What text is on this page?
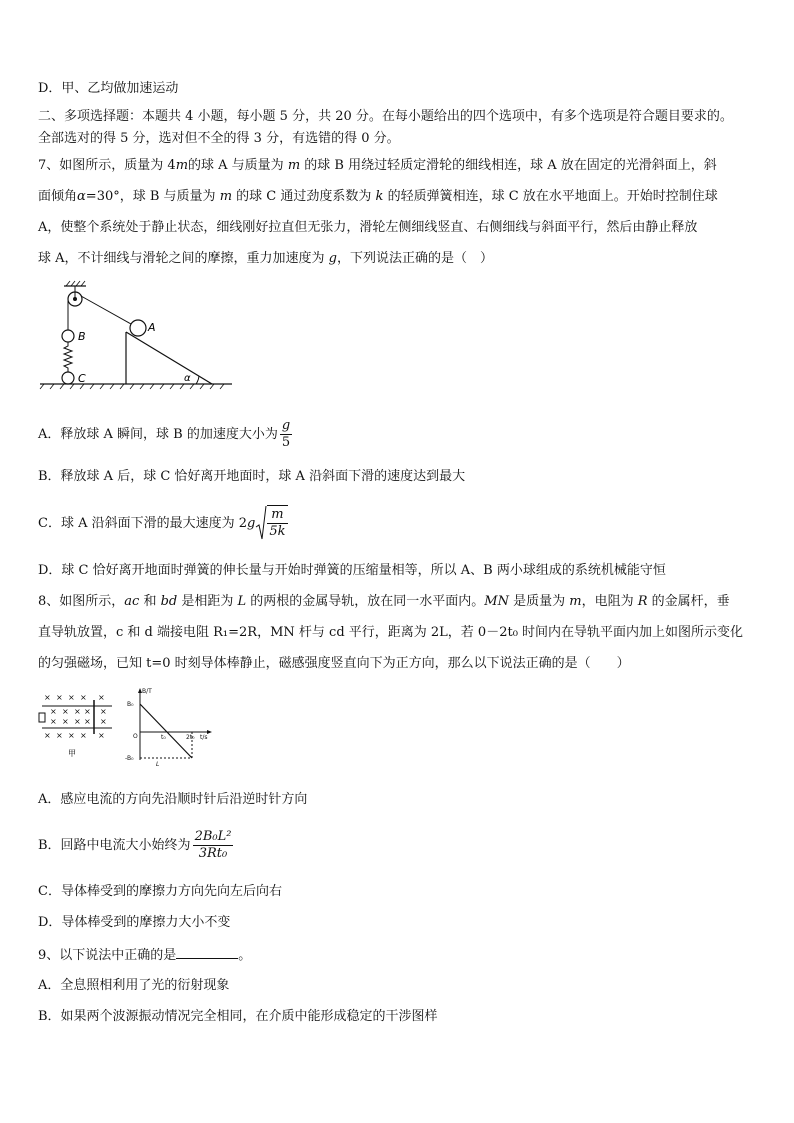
D．甲、乙均做加速运动
二、多项选择题：本题共 4 小题，每小题 5 分，共 20 分。在每小题给出的四个选项中，有多个选项是符合题目要求的。
全部选对的得 5 分，选对但不全的得 3 分，有选错的得 0 分。
7、如图所示，质量为 4m的球 A 与质量为 m 的球 B 用绕过轻质定滑轮的细线相连，球 A 放在固定的光滑斜面上，斜
面倾角α=30°，球 B 与质量为 m 的球 C 通过劲度系数为 k 的轻质弹簧相连，球 C 放在水平地面上。开始时控制住球
A，使整个系统处于静止状态，细线刚好拉直但无张力，滑轮左侧细线竖直、右侧细线与斜面平行，然后由静止释放
球 A，不计细线与滑轮之间的摩擦，重力加速度为 g，下列说法正确的是（　）
B
C
A
α
A．释放球 A 瞬间，球 B 的加速度大小为 $\frac{g}{5}$
B．释放球 A 后，球 C 恰好离开地面时，球 A 沿斜面下滑的速度达到最大
C．球 A 沿斜面下滑的最大速度为 $2g \frac{m}{5k}$
D．球 C 恰好离开地面时弹簧的伸长量与开始时弹簧的压缩量相等，所以 A、B 两小球组成的系统机械能守恒
8、如图所示，ac 和 bd 是相距为 L 的两根的金属导轨，放在同一水平面内。MN 是质量为 m，电阻为 R 的金属杆，垂
直导轨放置，c 和 d 端接电阻 R₁=2R，MN 杆与 cd 平行，距离为 2L，若 0－2t₀ 时间内在导轨平面内加上如图所示变化
的匀强磁场，已知 t=0 时刻导体棒静止，磁感强度竖直向下为正方向，那么以下说法正确的是（　　）
× × × × ×
× × × × ×
× × × × ×
× × × × ×
甲
B/T
B₀
-B₀
O	t₀	2t₀ t/s
L
A．感应电流的方向先沿顺时针后沿逆时针方向
B．回路中电流大小始终为 $\frac{\text{2B₀L²}}{\text{3Rt₀}}$
C．导体棒受到的摩擦力方向先向左后向右
D．导体棒受到的摩擦力大小不变
9、以下说法中正确的是	。
A．全息照相利用了光的衍射现象
B．如果两个波源振动情况完全相同，在介质中能形成稳定的干涉图样
